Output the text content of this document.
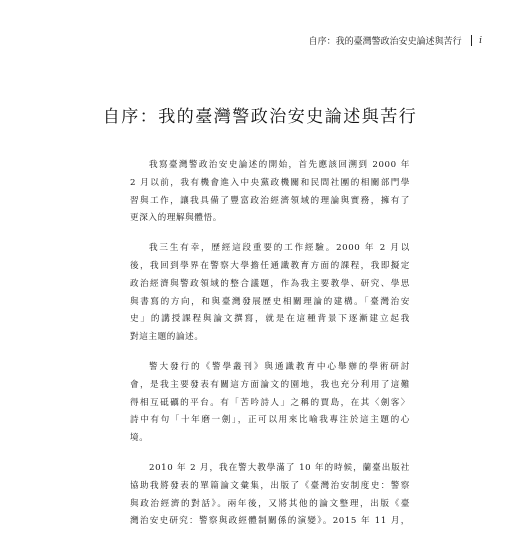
自序：我的臺灣警政治安史論述與苦行 i
自序：我的臺灣警政治安史論述與苦行
我寫臺灣警政治安史論述的開始，首先應該回溯到 2000 年
2 月以前，我有機會進入中央黨政機關和民間社團的相關部門學
習與工作，讓我具備了豐富政治經濟領域的理論與實務，擁有了
更深入的理解與體悟。
我三生有幸，歷經這段重要的工作經驗。2000 年 2 月以
後，我回到學界在警察大學擔任通識教育方面的課程，我即擬定
政治經濟與警政領域的整合議題，作為我主要教學、研究、學思
與書寫的方向，和與臺灣發展歷史相關理論的建構。「臺灣治安
史」的講授課程與論文撰寫，就是在這種背景下逐漸建立起我
對這主題的論述。
警大發行的《警學叢刊》與通識教育中心舉辦的學術研討
會，是我主要發表有關這方面論文的園地，我也充分利用了這難
得相互砥礪的平台。有「苦吟詩人」之稱的賈島，在其〈劍客〉
詩中有句「十年磨一劍」，正可以用來比喻我專注於這主題的心
境。
2010 年 2 月，我在警大教學滿了 10 年的時候，蘭臺出版社
協助我將發表的單篇論文彙集，出版了《臺灣治安制度史：警察
與政治經濟的對話》。兩年後，又將其他的論文整理，出版《臺
灣治安史研究：警察與政經體制關係的演變》。2015 年 11 月，
